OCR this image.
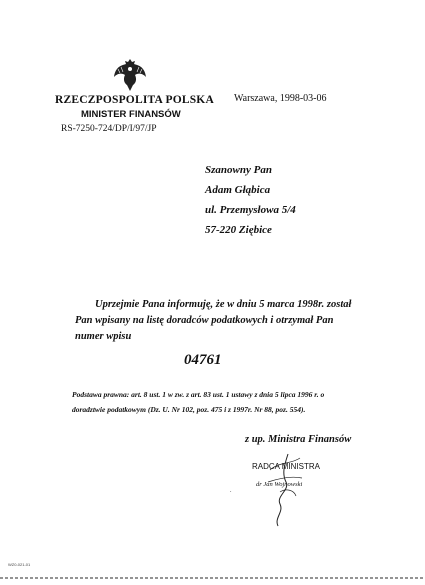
RZECZPOSPOLITA POLSKA
MINISTER FINANSÓW
RS-7250-724/DP/I/97/JP
Warszawa, 1998-03-06
Szanowny Pan
Adam Głąbica
ul. Przemysłowa 5/4
57-220 Ziębice
Uprzejmie Pana informuję, że w dniu 5 marca 1998r. został
Pan wpisany na listę doradców podatkowych i otrzymał Pan
numer wpisu
04761
Podstawa prawna: art. 8 ust. 1 w zw. z art. 83 ust. 1 ustawy z dnia 5 lipca 1996 r. o
doradztwie podatkowym (Dz. U. Nr 102, poz. 475 i z 1997r. Nr 88, poz. 554).
z up. Ministra Finansów
RADCA MINISTRA
dr Jan Wojnowski
.
WZ0-021-01
